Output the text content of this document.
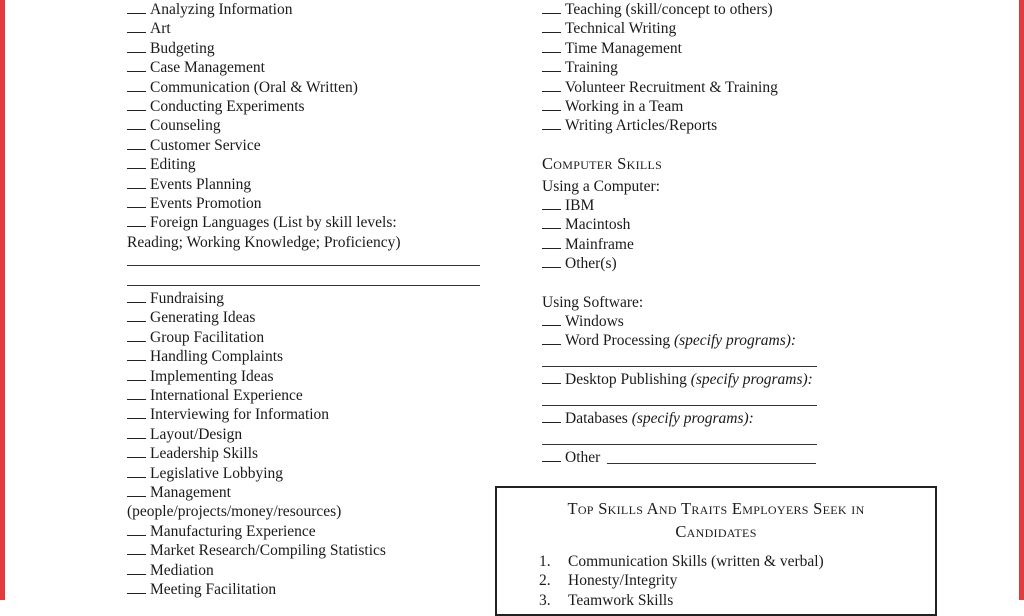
Analyzing Information
Art
Budgeting
Case Management
Communication (Oral & Written)
Conducting Experiments
Counseling
Customer Service
Editing
Events Planning
Events Promotion
Foreign Languages (List by skill levels:
Reading; Working Knowledge; Proficiency)
Fundraising
Generating Ideas
Group Facilitation
Handling Complaints
Implementing Ideas
International Experience
Interviewing for Information
Layout/Design
Leadership Skills
Legislative Lobbying
Management
(people/projects/money/resources)
Manufacturing Experience
Market Research/Compiling Statistics
Mediation
Meeting Facilitation
Teaching (skill/concept to others)
Technical Writing
Time Management
Training
Volunteer Recruitment & Training
Working in a Team
Writing Articles/Reports
IBM
Macintosh
Mainframe
Other(s)
Computer Skills
Using a Computer:
Using Software:
Windows
Word Processing (specify programs):
Desktop Publishing (specify programs):
Databases (specify programs):
Other
Top Skills And Traits Employers Seek in
Candidates
1. Communication Skills (written & verbal)
2. Honesty/Integrity
3. Teamwork Skills
